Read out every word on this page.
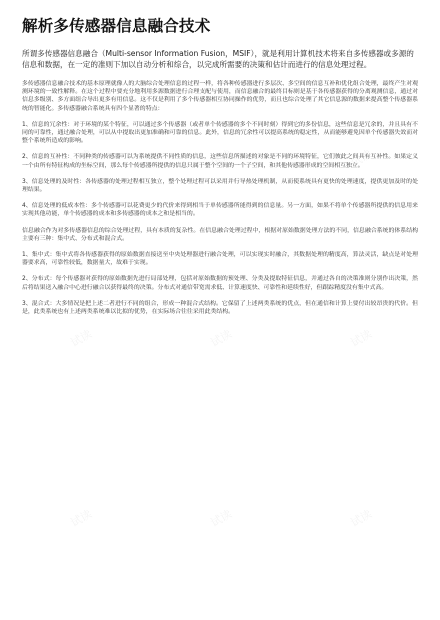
解析多传感器信息融合技术

所谓多传感器信息融合（Multi-sensor Information Fusion，MSIF），就是利用计算机技术将来自多传感器或多源的信息和数据，在一定的准则下加以自动分析和综合，以完成所需要的决策和估计而进行的信息处理过程。

多传感器信息融合技术的基本原理就像人的大脑综合处理信息的过程一样，将各种传感器进行多层次、多空间的信息互补和优化组合处理，最终产生对观测环境的一致性解释。在这个过程中要充分地利用多源数据进行合理支配与使用，而信息融合的最终目标则是基于各传感器获得的分离观测信息，通过对信息多级别、多方面组合导出更多有用信息。这不仅是利用了多个传感器相互协同操作的优势，而且也综合处理了其它信息源的数据来提高整个传感器系统的智能化。多传感器融合系统具有四个显著的特点：

1、信息的冗余性：对于环境的某个特征，可以通过多个传感器（或者单个传感器的多个不同时刻）得到它的多份信息，这些信息是冗余的，并且具有不同的可靠性，通过融合处理，可以从中提取出更加准确和可靠的信息。此外，信息的冗余性可以提高系统的稳定性，从而能够避免因单个传感器失效而对整个系统所造成的影响。

2、信息的互补性：不同种类的传感器可以为系统提供不同性质的信息，这些信息所描述的对象是不同的环境特征，它们彼此之间具有互补性。如果定义一个由所有特征构成的坐标空间，那么每个传感器所提供的信息只属于整个空间的一个子空间，和其他传感器形成的空间相互独立。

3、信息处理的及时性：各传感器的处理过程相互独立，整个处理过程可以采用并行导热处理机制，从而使系统具有更快的处理速度，提供更加及时的处理结果。

4、信息处理的低成本性：多个传感器可以花费更少的代价来得到相当于单传感器所能得到的信息量。另一方面，如果不将单个传感器所提供的信息用来实现其他功能，单个传感器的成本和多传感器的成本之和是相当的。

信息融合作为对多传感器信息的综合处理过程，具有本质的复杂性。在信息融合处理过程中，根据对原始数据处理方法的不同，信息融合系统的体系结构主要有三种：集中式、分布式和混合式。

1、集中式：集中式将各传感器获得的原始数据直接送至中央处理器进行融合处理，可以实现实时融合，其数据处理的精度高，算法灵活，缺点是对处理器要求高，可靠性较低，数据量大，故难于实现。

2、分布式：每个传感器对获得的原始数据先进行局部处理，包括对原始数据的预处理、分类及提取特征信息，并通过各自的决策准则分别作出决策，然后将结果送入融合中心进行融合以获得最终的决策。分布式对通信带宽需求低、计算速度快、可靠性和延续性好，但跟踪精度没有集中式高。

3、混合式：大多情况是把上述二者进行不同的组合，形成一种混合式结构。它保留了上述两类系统的优点，但在通信和计算上要付出较昂贵的代价。但是，此类系统也有上述两类系统难以比拟的优势，在实际场合往往采用此类结构。

试读	试读	试读
试读	试读	试读
试读	试读	试读
